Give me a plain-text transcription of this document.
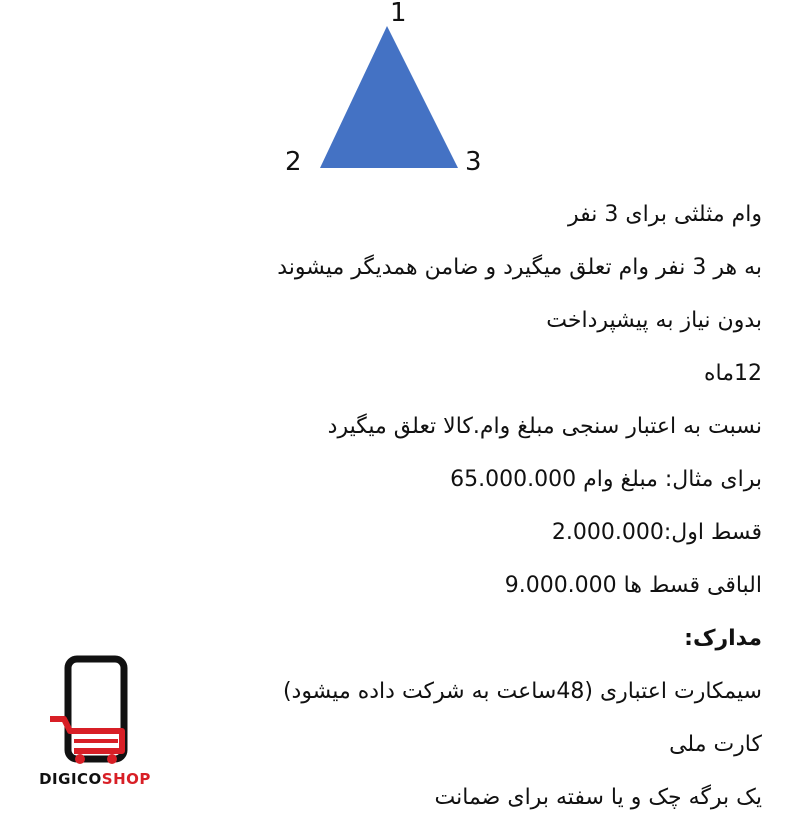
1
2	3
وام مثلثی برای 3 نفر
به هر 3 نفر وام تعلق میگیرد و ضامن همدیگر میشوند
بدون نیاز به پیشپرداخت
12ماه
نسبت به اعتبار سنجی مبلغ وام.کالا تعلق میگیرد
برای مثال: مبلغ وام 65.000.000
قسط اول:2.000.000
الباقی قسط ها 9.000.000
مدارک:
سیمکارت اعتباری (48ساعت به شرکت داده میشود)
کارت ملی
یک برگه چک و یا سفته برای ضمانت
DIGICOSHOP
